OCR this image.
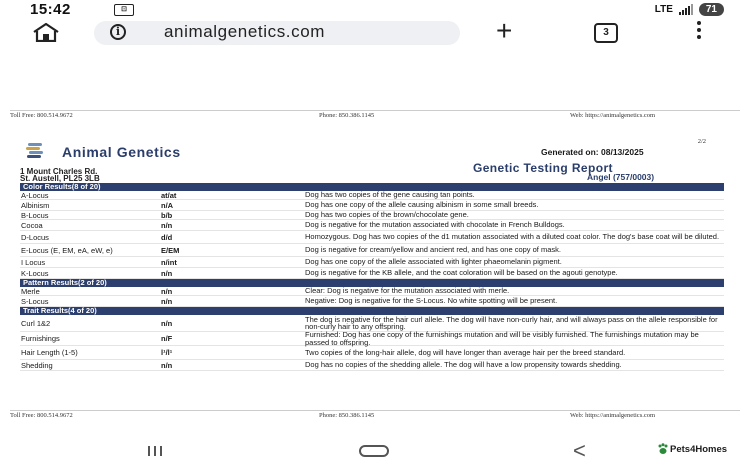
15:42	⊡	LTE	71
i	animalgenetics.com	+	3
Toll Free: 800.514.9672	Phone: 850.386.1145	Web: https://animalgenetics.com
2/2
Animal Genetics	Generated on: 08/13/2025
1 Mount Charles Rd.
St. Austell, PL25 3LB
Genetic Testing Report
Angel (757/0003)
Color Results(8 of 20)
A-Locus	at/at	Dog has two copies of the gene causing tan points.
Albinism	n/A	Dog has one copy of the allele causing albinism in some small breeds.
B-Locus	b/b	Dog has two copies of the brown/chocolate gene.
Cocoa	n/n	Dog is negative for the mutation associated with chocolate in French Bulldogs.
D-Locus	d/d	Homozygous. Dog has two copies of the d1 mutation associated with a diluted coat color. The dog's base coat will be diluted.
E-Locus (E, EM, eA, eW, e)	E/EM	Dog is negative for cream/yellow and ancient red, and has one copy of mask.
I Locus	n/int	Dog has one copy of the allele associated with lighter phaeomelanin pigment.
K-Locus	n/n	Dog is negative for the KB allele, and the coat coloration will be based on the agouti genotype.
Pattern Results(2 of 20)
Merle	n/n	Clear: Dog is negative for the mutation associated with merle.
S-Locus	n/n	Negative: Dog is negative for the S-Locus. No white spotting will be present.
Trait Results(4 of 20)
Curl 1&2	n/n	The dog is negative for the hair curl allele. The dog will have non-curly hair, and will always pass on the allele responsible for non-curly hair to any offspring.
Furnishings	n/F	Furnished: Dog has one copy of the furnishings mutation and will be visibly furnished. The furnishings mutation may be passed to offspring.
Hair Length (1-5)	l¹/l¹	Two copies of the long-hair allele, dog will have longer than average hair per the breed standard.
Shedding	n/n	Dog has no copies of the shedding allele. The dog will have a low propensity towards shedding.
Toll Free: 800.514.9672	Phone: 850.386.1145	Web: https://animalgenetics.com
<	Pets4Homes
